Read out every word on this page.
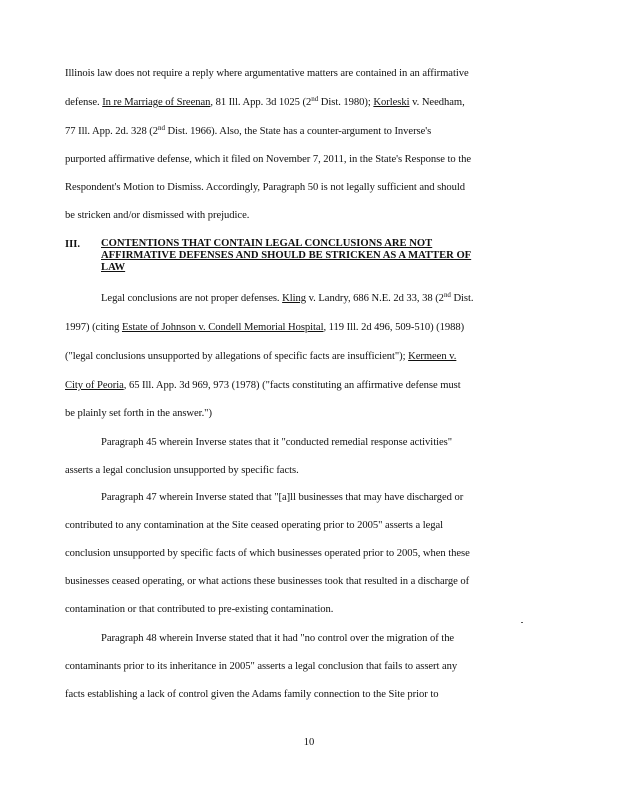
Illinois law does not require a reply where argumentative matters are contained in an affirmative
defense. In re Marriage of Sreenan, 81 Ill. App. 3d 1025 (2nd Dist. 1980); Korleski v. Needham,
77 Ill. App. 2d. 328 (2nd Dist. 1966). Also, the State has a counter-argument to Inverse's
purported affirmative defense, which it filed on November 7, 2011, in the State's Response to the
Respondent's Motion to Dismiss. Accordingly, Paragraph 50 is not legally sufficient and should
be stricken and/or dismissed with prejudice.
III. CONTENTIONS THAT CONTAIN LEGAL CONCLUSIONS ARE NOT
AFFIRMATIVE DEFENSES AND SHOULD BE STRICKEN AS A MATTER OF
LAW
Legal conclusions are not proper defenses. Kling v. Landry, 686 N.E. 2d 33, 38 (2nd Dist.
1997) (citing Estate of Johnson v. Condell Memorial Hospital, 119 Ill. 2d 496, 509-510) (1988)
("legal conclusions unsupported by allegations of specific facts are insufficient"); Kermeen v.
City of Peoria, 65 Ill. App. 3d 969, 973 (1978) ("facts constituting an affirmative defense must
be plainly set forth in the answer.")
Paragraph 45 wherein Inverse states that it "conducted remedial response activities"
asserts a legal conclusion unsupported by specific facts.
Paragraph 47 wherein Inverse stated that "[a]ll businesses that may have discharged or
contributed to any contamination at the Site ceased operating prior to 2005" asserts a legal
conclusion unsupported by specific facts of which businesses operated prior to 2005, when these
businesses ceased operating, or what actions these businesses took that resulted in a discharge of
contamination or that contributed to pre-existing contamination.
Paragraph 48 wherein Inverse stated that it had "no control over the migration of the
contaminants prior to its inheritance in 2005" asserts a legal conclusion that fails to assert any
facts establishing a lack of control given the Adams family connection to the Site prior to
10
